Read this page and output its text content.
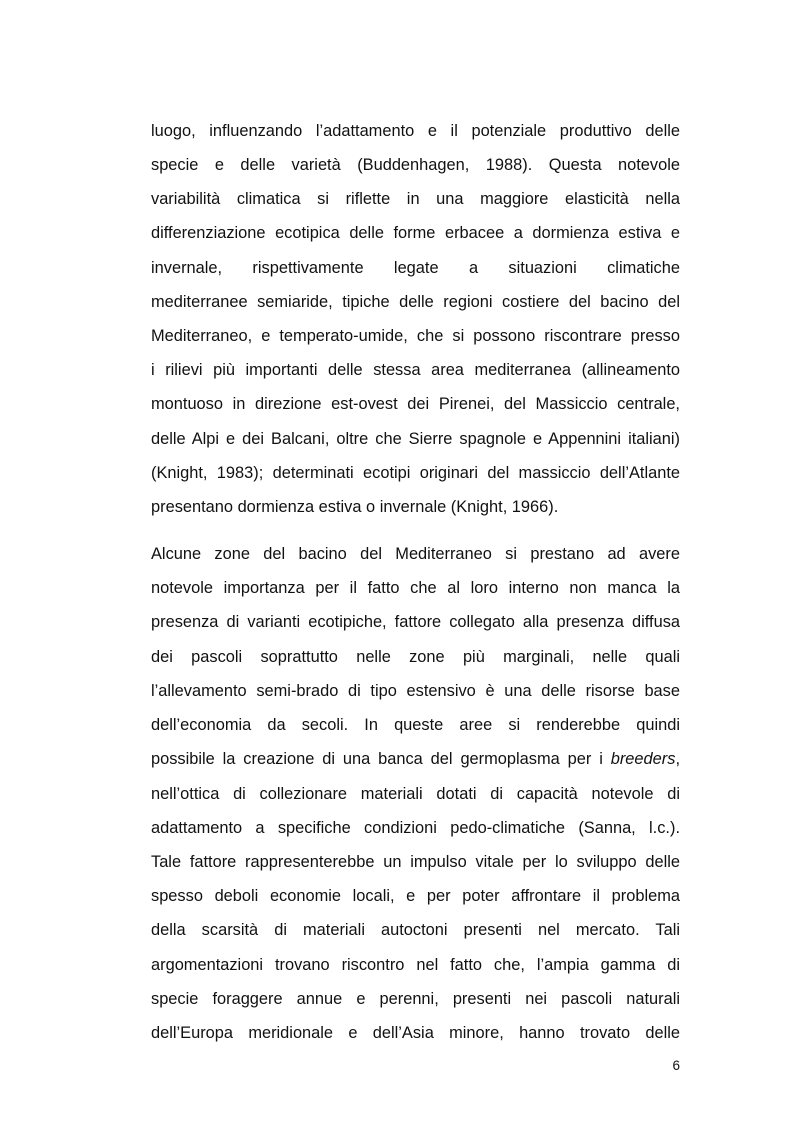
luogo, influenzando l’adattamento e il potenziale produttivo delle
specie e delle varietà (Buddenhagen, 1988). Questa notevole
variabilità climatica si riflette in una maggiore elasticità nella
differenziazione ecotipica delle forme erbacee a dormienza estiva e
invernale, rispettivamente legate a situazioni climatiche
mediterranee semiaride, tipiche delle regioni costiere del bacino del
Mediterraneo, e temperato-umide, che si possono riscontrare presso
i rilievi più importanti delle stessa area mediterranea (allineamento
montuoso in direzione est-ovest dei Pirenei, del Massiccio centrale,
delle Alpi e dei Balcani, oltre che Sierre spagnole e Appennini italiani)
(Knight, 1983); determinati ecotipi originari del massiccio dell’Atlante
presentano dormienza estiva o invernale (Knight, 1966).
Alcune zone del bacino del Mediterraneo si prestano ad avere
notevole importanza per il fatto che al loro interno non manca la
presenza di varianti ecotipiche, fattore collegato alla presenza diffusa
dei pascoli soprattutto nelle zone più marginali, nelle quali
l’allevamento semi-brado di tipo estensivo è una delle risorse base
dell’economia da secoli. In queste aree si renderebbe quindi
possibile la creazione di una banca del germoplasma per i breeders,
nell’ottica di collezionare materiali dotati di capacità notevole di
adattamento a specifiche condizioni pedo-climatiche (Sanna, l.c.).
Tale fattore rappresenterebbe un impulso vitale per lo sviluppo delle
spesso deboli economie locali, e per poter affrontare il problema
della scarsità di materiali autoctoni presenti nel mercato. Tali
argomentazioni trovano riscontro nel fatto che, l’ampia gamma di
specie foraggere annue e perenni, presenti nei pascoli naturali
dell’Europa meridionale e dell’Asia minore, hanno trovato delle
6
